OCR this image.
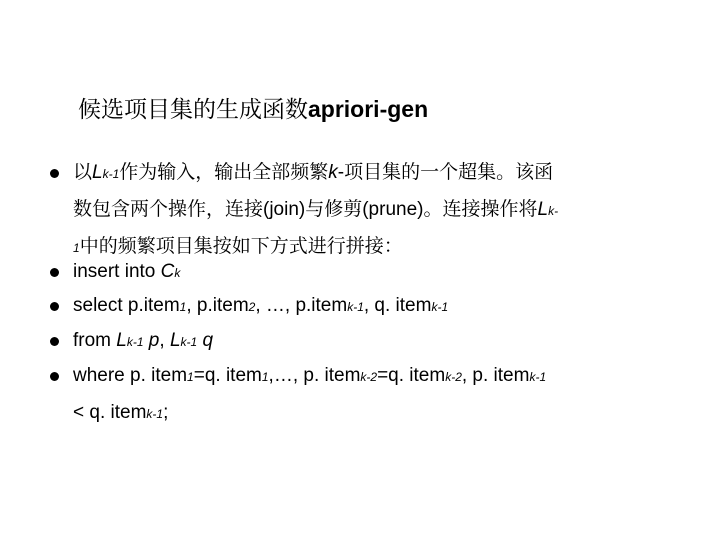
候选项目集的生成函数apriori-gen
以Lk-1作为输入，输出全部频繁k-项目集的一个超集。该函
数包含两个操作，连接(join)与修剪(prune)。连接操作将Lk-
1中的频繁项目集按如下方式进行拼接：
insert into Ck
select p.item1, p.item2, …, p.itemk-1, q. itemk-1
from Lk-1 p, Lk-1 q
where p. item1=q. item1,…, p. itemk-2=q. itemk-2, p. itemk-1
< q. itemk-1;
